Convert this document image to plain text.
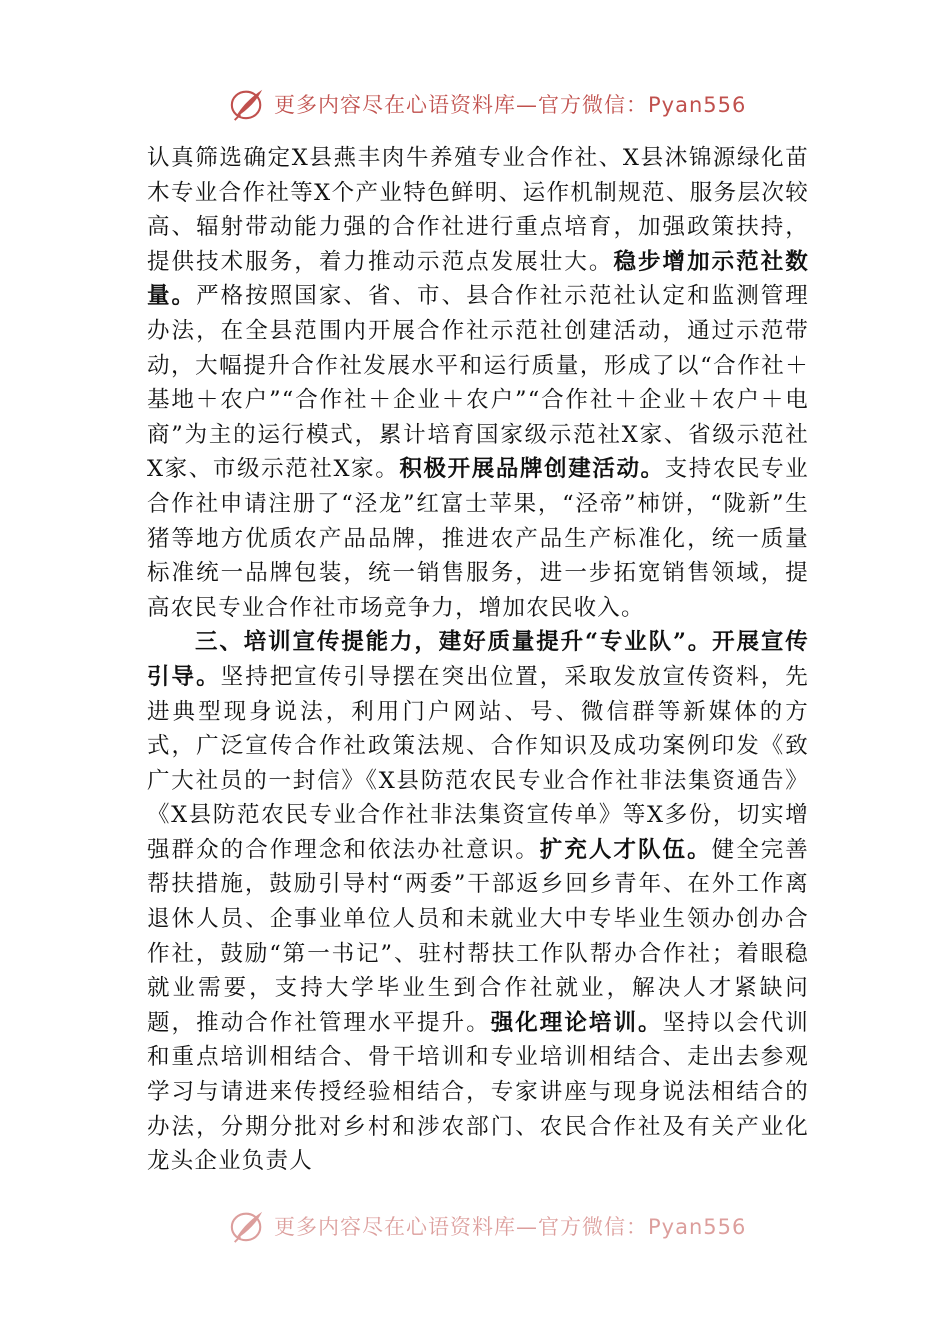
更多内容尽在心语资料库—官方微信：Pyan556

认真筛选确定X县燕丰肉牛养殖专业合作社、X县沐锦源绿化苗木专业合作社等X个产业特色鲜明、运作机制规范、服务层次较高、辐射带动能力强的合作社进行重点培育，加强政策扶持，提供技术服务，着力推动示范点发展壮大。稳步增加示范社数量。严格按照国家、省、市、县合作社示范社认定和监测管理办法，在全县范围内开展合作社示范社创建活动，通过示范带动，大幅提升合作社发展水平和运行质量，形成了以“合作社＋基地＋农户”“合作社＋企业＋农户”“合作社＋企业＋农户＋电商”为主的运行模式，累计培育国家级示范社X家、省级示范社X家、市级示范社X家。积极开展品牌创建活动。支持农民专业合作社申请注册了“泾龙”红富士苹果，“泾帝”柿饼，“陇新”生猪等地方优质农产品品牌，推进农产品生产标准化，统一质量标准统一品牌包装，统一销售服务，进一步拓宽销售领域，提高农民专业合作社市场竞争力，增加农民收入。

三、培训宣传提能力，建好质量提升“专业队”。开展宣传引导。坚持把宣传引导摆在突出位置，采取发放宣传资料，先进典型现身说法，利用门户网站、号、微信群等新媒体的方式，广泛宣传合作社政策法规、合作知识及成功案例印发《致广大社员的一封信》《X县防范农民专业合作社非法集资通告》《X县防范农民专业合作社非法集资宣传单》等X多份，切实增强群众的合作理念和依法办社意识。扩充人才队伍。健全完善帮扶措施，鼓励引导村“两委”干部返乡回乡青年、在外工作离退休人员、企事业单位人员和未就业大中专毕业生领办创办合作社，鼓励“第一书记”、驻村帮扶工作队帮办合作社；着眼稳就业需要，支持大学毕业生到合作社就业，解决人才紧缺问题，推动合作社管理水平提升。强化理论培训。坚持以会代训和重点培训相结合、骨干培训和专业培训相结合、走出去参观学习与请进来传授经验相结合，专家讲座与现身说法相结合的办法，分期分批对乡村和涉农部门、农民合作社及有关产业化龙头企业负责人

更多内容尽在心语资料库—官方微信：Pyan556
